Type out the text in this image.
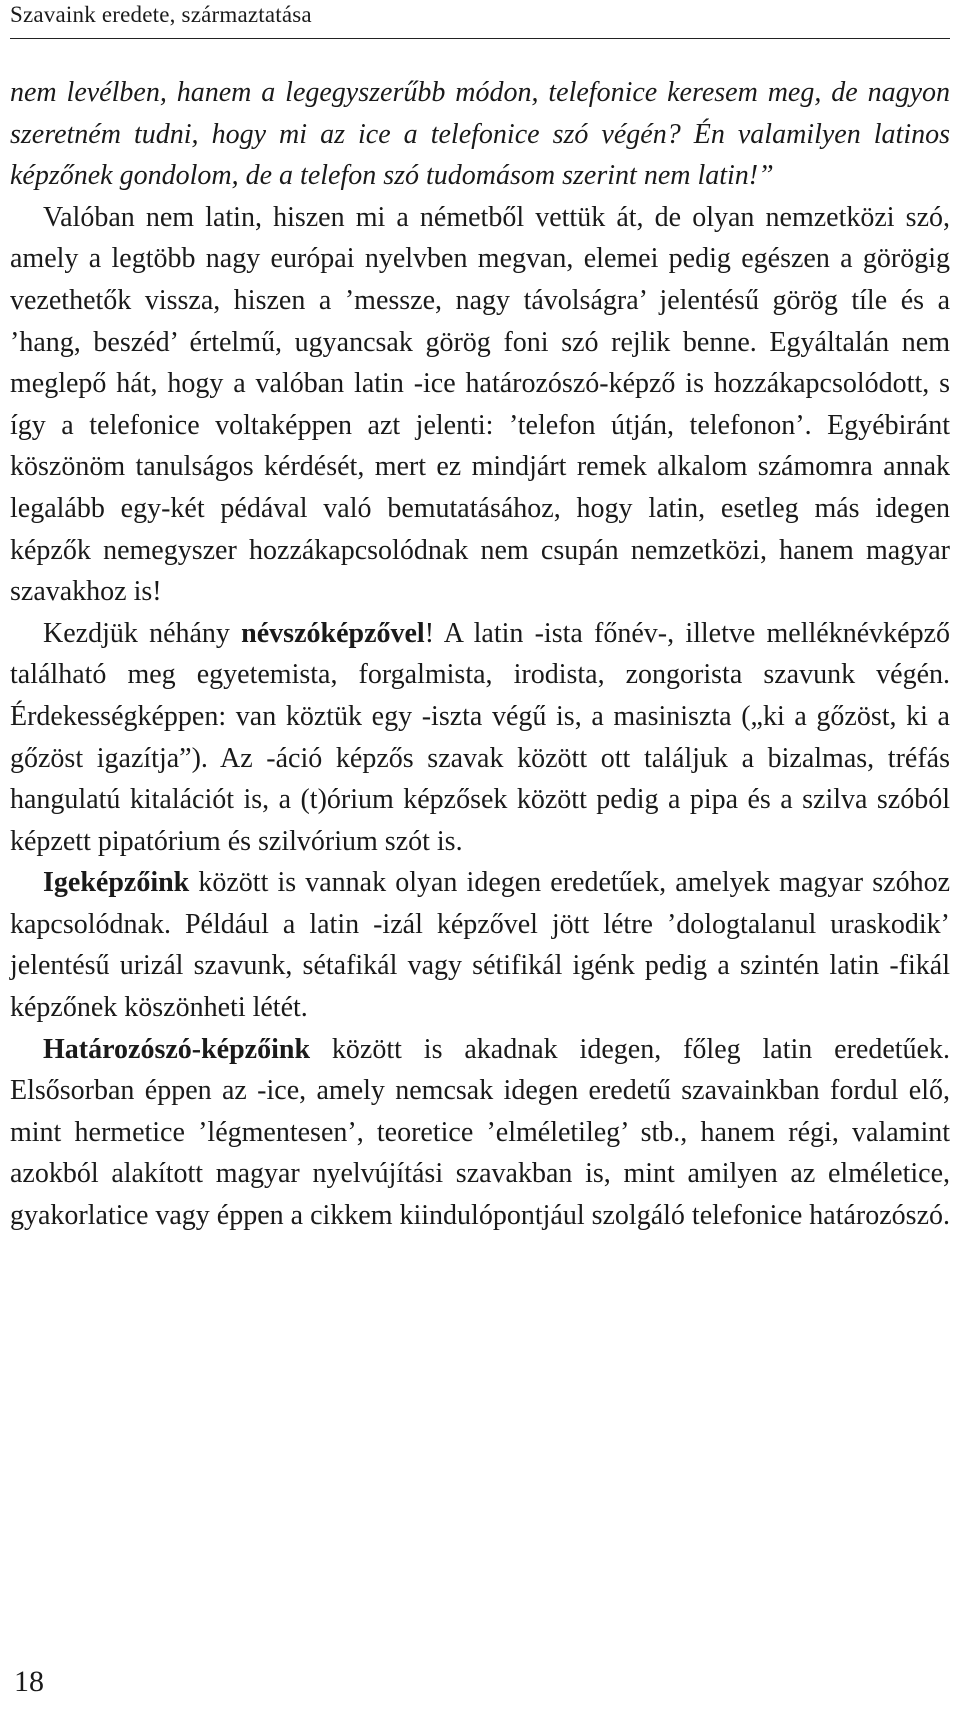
Szavaink eredete, származtatása

nem levélben, hanem a legegyszerűbb módon, telefonice keresem meg, de nagyon szeretném tudni, hogy mi az ice a telefonice szó végén? Én valamilyen latinos képzőnek gondolom, de a telefon szó tudomásom szerint nem latin!”

Valóban nem latin, hiszen mi a németből vettük át, de olyan nemzetközi szó, amely a legtöbb nagy európai nyelvben megvan, elemei pedig egészen a görögig vezethetők vissza, hiszen a ’messze, nagy távolságra’ jelentésű görög tíle és a ’hang, beszéd’ értelmű, ugyancsak görög foni szó rejlik benne. Egyáltalán nem meglepő hát, hogy a valóban latin -ice határozószó-képző is hozzákapcsolódott, s így a telefonice voltaképpen azt jelenti: ’telefon útján, telefonon’. Egyébiránt köszönöm tanulságos kérdését, mert ez mindjárt remek alkalom számomra annak legalább egy-két pédával való bemutatásához, hogy latin, esetleg más idegen képzők nemegyszer hozzákapcsolódnak nem csupán nemzetközi, hanem magyar szavakhoz is!

Kezdjük néhány névszóképzővel! A latin -ista főnév-, illetve melléknévképző található meg egyetemista, forgalmista, irodista, zongorista szavunk végén. Érdekességképpen: van köztük egy -iszta végű is, a masiniszta („ki a gőzöst, ki a gőzöst igazítja”). Az -áció képzős szavak között ott találjuk a bizalmas, tréfás hangulatú kitalációt is, a (t)órium képzősek között pedig a pipa és a szilva szóból képzett pipatórium és szilvórium szót is.

Igeképzőink között is vannak olyan idegen eredetűek, amelyek magyar szóhoz kapcsolódnak. Például a latin -izál képzővel jött létre ’dologtalanul uraskodik’ jelentésű urizál szavunk, sétafikál vagy sétifikál igénk pedig a szintén latin -fikál képzőnek köszönheti létét.

Határozószó-képzőink között is akadnak idegen, főleg latin eredetűek. Elsősorban éppen az -ice, amely nemcsak idegen eredetű szavainkban fordul elő, mint hermetice ’légmentesen’, teoretice ’elméletileg’ stb., hanem régi, valamint azokból alakított magyar nyelvújítási szavakban is, mint amilyen az elméletice, gyakorlatice vagy éppen a cikkem kiindulópontjául szolgáló telefonice határozószó.

18
